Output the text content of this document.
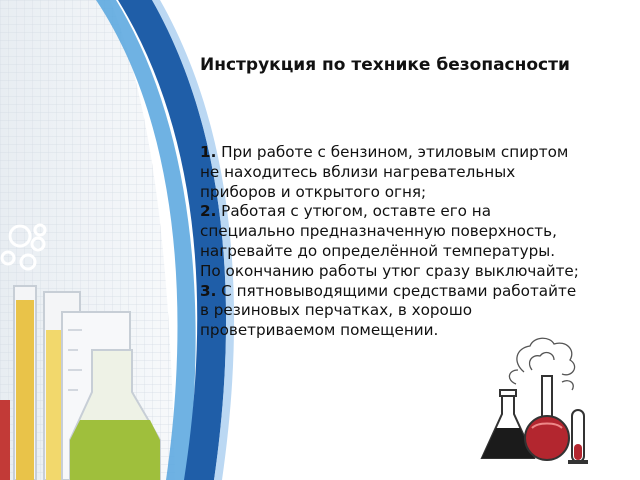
Инструкция по технике безопасности
1. При работе с бензином, этиловым спиртом не находитесь вблизи нагревательных приборов и открытого огня;
2. Работая с утюгом, оставте его на специально предназначенную поверхность, нагревайте до определённой температуры.
По окончанию работы утюг сразу выключайте;
3. С пятновыводящими средствами работайте в резиновых перчатках, в хорошо проветриваемом помещении.
